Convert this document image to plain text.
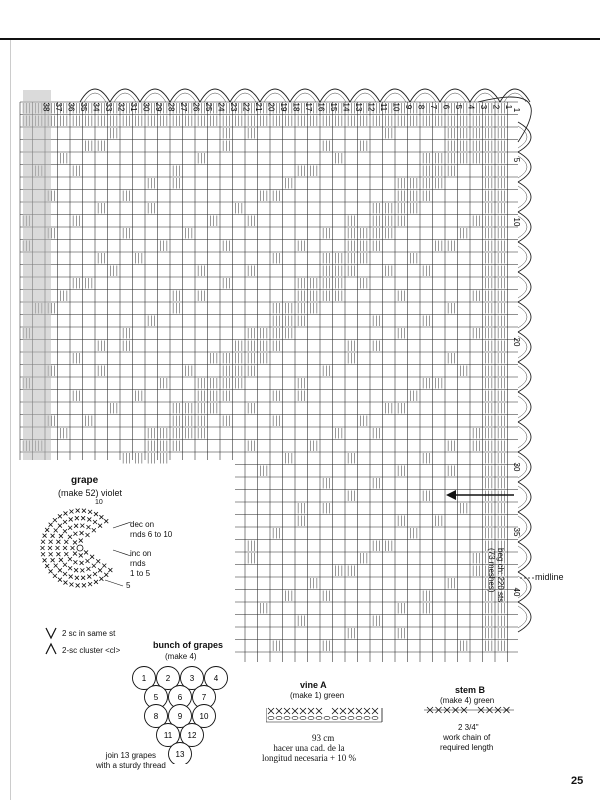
1
2
3
4
5
6
7
8
9
10
11
12
13
14
15
16
17
18
19
20
21
22
23
24
25
26
27
28
29
30
31
32
33
34
35
36
37
38	1
5
10
20
30
35
40
beg ch: 220 sts
(73 meshes)	midline
grape
(make 52) violet
dec on
rnds 6 to 10
inc on
rnds
1 to 5
5
10
2 sc in same st
2-sc cluster <cl>
bunch of grapes
(make 4)
1 2 3 4
5 6 7
8 9 10
11 12
13
join 13 grapes
with a sturdy thread
vine A
(make 1) green
93 cm
hacer una cad. de la
longitud necesaria + 10 %
stem B
(make 4) green
2 3/4"
work chain of
required length
25
